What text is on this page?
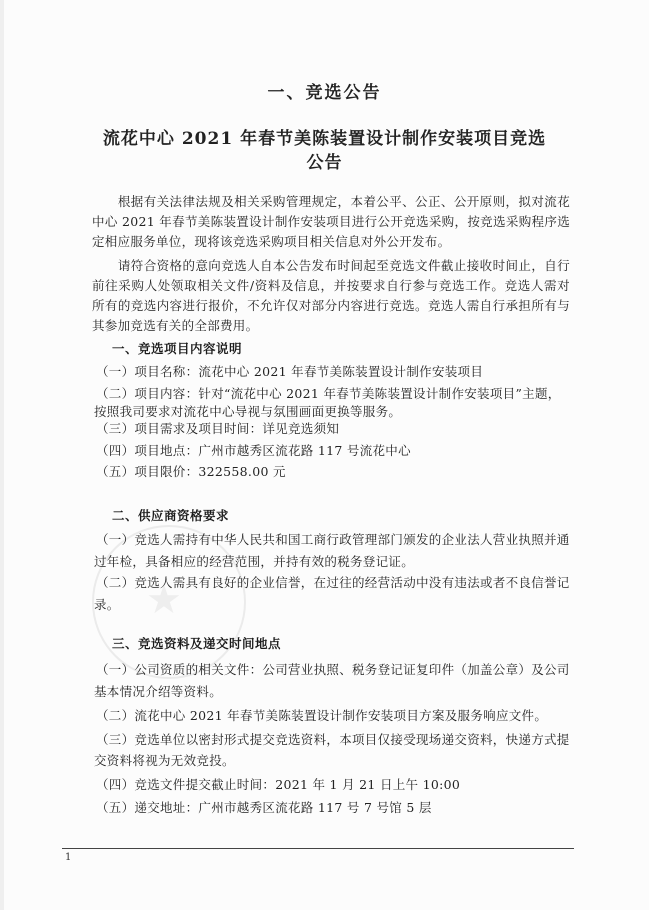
★
一、竞选公告
流花中心 2021 年春节美陈装置设计制作安装项目竞选
公告
　　根据有关法律法规及相关采购管理规定，本着公平、公正、公开原则，拟对流花中心 2021 年春节美陈装置设计制作安装项目进行公开竞选采购，按竞选采购程序选定相应服务单位，现将该竞选采购项目相关信息对外公开发布。
　　请符合资格的意向竞选人自本公告发布时间起至竞选文件截止接收时间止，自行前往采购人处领取相关文件/资料及信息，并按要求自行参与竞选工作。竞选人需对所有的竞选内容进行报价，不允许仅对部分内容进行竞选。竞选人需自行承担所有与其参加竞选有关的全部费用。
一、竞选项目内容说明
（一）项目名称：流花中心 2021 年春节美陈装置设计制作安装项目
（二）项目内容：针对“流花中心 2021 年春节美陈装置设计制作安装项目”主题，
按照我司要求对流花中心导视与氛围画面更换等服务。
（三）项目需求及项目时间：详见竞选须知
（四）项目地点：广州市越秀区流花路 117 号流花中心
（五）项目限价：322558.00 元
二、供应商资格要求
（一）竞选人需持有中华人民共和国工商行政管理部门颁发的企业法人营业执照并通
过年检，具备相应的经营范围，并持有效的税务登记证。
（二）竞选人需具有良好的企业信誉，在过往的经营活动中没有违法或者不良信誉记
录。
三、竞选资料及递交时间地点
（一）公司资质的相关文件：公司营业执照、税务登记证复印件（加盖公章）及公司
基本情况介绍等资料。
（二）流花中心 2021 年春节美陈装置设计制作安装项目方案及服务响应文件。
（三）竞选单位以密封形式提交竞选资料，本项目仅接受现场递交资料，快递方式提
交资料将视为无效竞投。
（四）竞选文件提交截止时间：2021 年 1 月 21 日上午 10:00
（五）递交地址：广州市越秀区流花路 117 号 7 号馆 5 层
1
